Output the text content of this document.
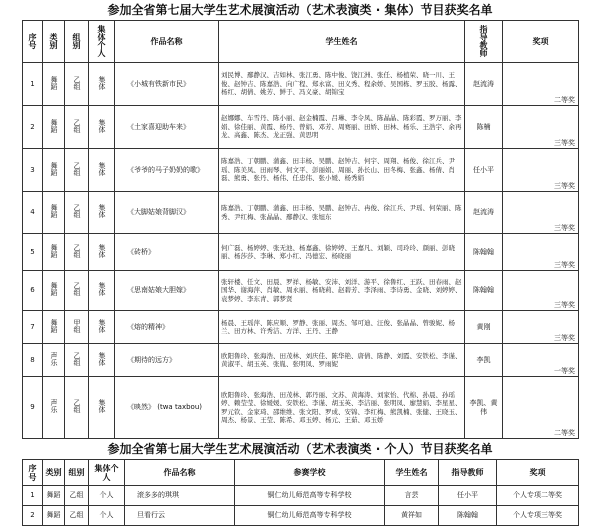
参加全省第七届大学生艺术展演活动（艺术表演类 · 集体）节目获奖名单
序号	类别	组别	集体个人	作品名称	学生姓名	指导教师	奖项
1	舞蹈	乙组	集体	《小城有铁新市民》	刘民博、鄢静汉、吉如林、张江勇、陈中俊、饶江洲、张任、杨植荣、晓一川、王俊、赵钟吉、陈嘉浩、向广程、郑永富、田义秀、程余娇、吴国栋、罗玉胶、杨露、杨红、胡倩、姚芳、鲜于、冯义豪、胡锦宝	赵流涛	二等奖
2	舞蹈	乙组	集体	《土家喜迎助车来》	赵娜娜、车雪丹、陈小丽、赵金楠霞、吕琳、李令凤、陈晶晶、陈彩霞、罗万丽、李娟、徐佳丽、黄霞、杨丹、曾娟、邓芳、周赛丽、田娇、田林、杨乐、王浩宇、余再龙、高鑫、陈杰、龙正强、黄思明	陈楠	三等奖
3	舞蹈	乙组	集体	《爷爷的马子奶奶的歌》	陈嘉浩、丁朝鹏、蒲鑫、田丰杨、吴鹏、赵钟吉、何宇、周翔、杨俊、徐江兵、尹瑶、陈美凤、田雨琴、何文平、彭丽娟、周丽、孙长山、田冬梅、张鑫、杨倩、肖磊、熊勇、张丹、杨伟、任忠伟、张小媛、杨秀娟	任小平	三等奖
4	舞蹈	乙组	集体	《大脚姑娘背脚汉》	陈嘉浩、丁朝鹏、蒲鑫、田丰杨、吴鹏、赵钟吉、冉俊、徐江兵、尹瑶、何荣丽、陈秀、尹红梅、张晶晶、鄢静汉、张旭东	赵流涛	三等奖
5	舞蹈	乙组	集体	《砖桥》	何广磊、杨婷婷、张无池、杨嘉鑫、徐婷婷、王嘉凡、刘颖、司玲玲、颜丽、彭晓丽、杨莎莎、李琳、郑小红、冯德宏、杨晓丽	陈翰翰	三等奖
6	舞蹈	乙组	集体	《思南姑娘大胆嫁》	张轩楼、任文、田晨、罗祥、杨敏、安沛、刘洋、游平、徐鲁红、王跃、田春雨、赵国华、谢海萍、肖敏、周永丽、杨晓莉、赵碧芳、李泽雨、李诗勇、金晓、刘婷婷、袁梦婷、李东青、郭梦贤	陈翰翰	三等奖
7	舞蹈	甲组	集体	《熔的精神》	杨晨、王瑶萍、陈应顺、罗静、张丽、周杰、邹可迪、汪俊、张晶晶、曾骏妮、杨兰、田方林、许秀洁、方洋、王丹、王静	黄刚	三等奖
8	声乐	乙组	集体	《期待的远方》	欧阳鲁玲、张海浩、田茂林、刘庆佳、陈华艳、唐倩、陈静、刘霞、安铁松、李谨、黄淑平、胡玉英、张胤、张明凤、罗雨妮	李凯	一等奖
9	声乐	乙组	集体	《映然》 (twa taxbou)	欧阳鲁玲、张海浩、田茂林、郭丹丽、文苏、黄海涛、刘家怡、代棉、孙晨、孙瑶婷、赖莹莹、徐媛媛、安铁松、李谨、胡玉英、李洁丽、张明凤、廖慧娟、李星星、罗元钦、金家琦、邵维维、张文阳、罗成、安锦、李红梅、熊凯楠、张健、王晓玉、周杰、杨景、王莹、陈希、邓玉婷、杨元、王茹、邓玉娇	李凯、黄伟	二等奖
参加全省第七届大学生艺术展演活动（艺术表演类 · 个人）节目获奖名单
序号	类别	组别	集体个人	作品名称	参赛学校	学生姓名	指导教师	奖项
1	舞蹈	乙组	个人	滚多多的琪琪	铜仁幼儿师范高等专科学校	言芸	任小平	个人专项二等奖
2	舞蹈	乙组	个人	旦看行云	铜仁幼儿师范高等专科学校	黄祥如	陈翰翰	个人专项三等奖
